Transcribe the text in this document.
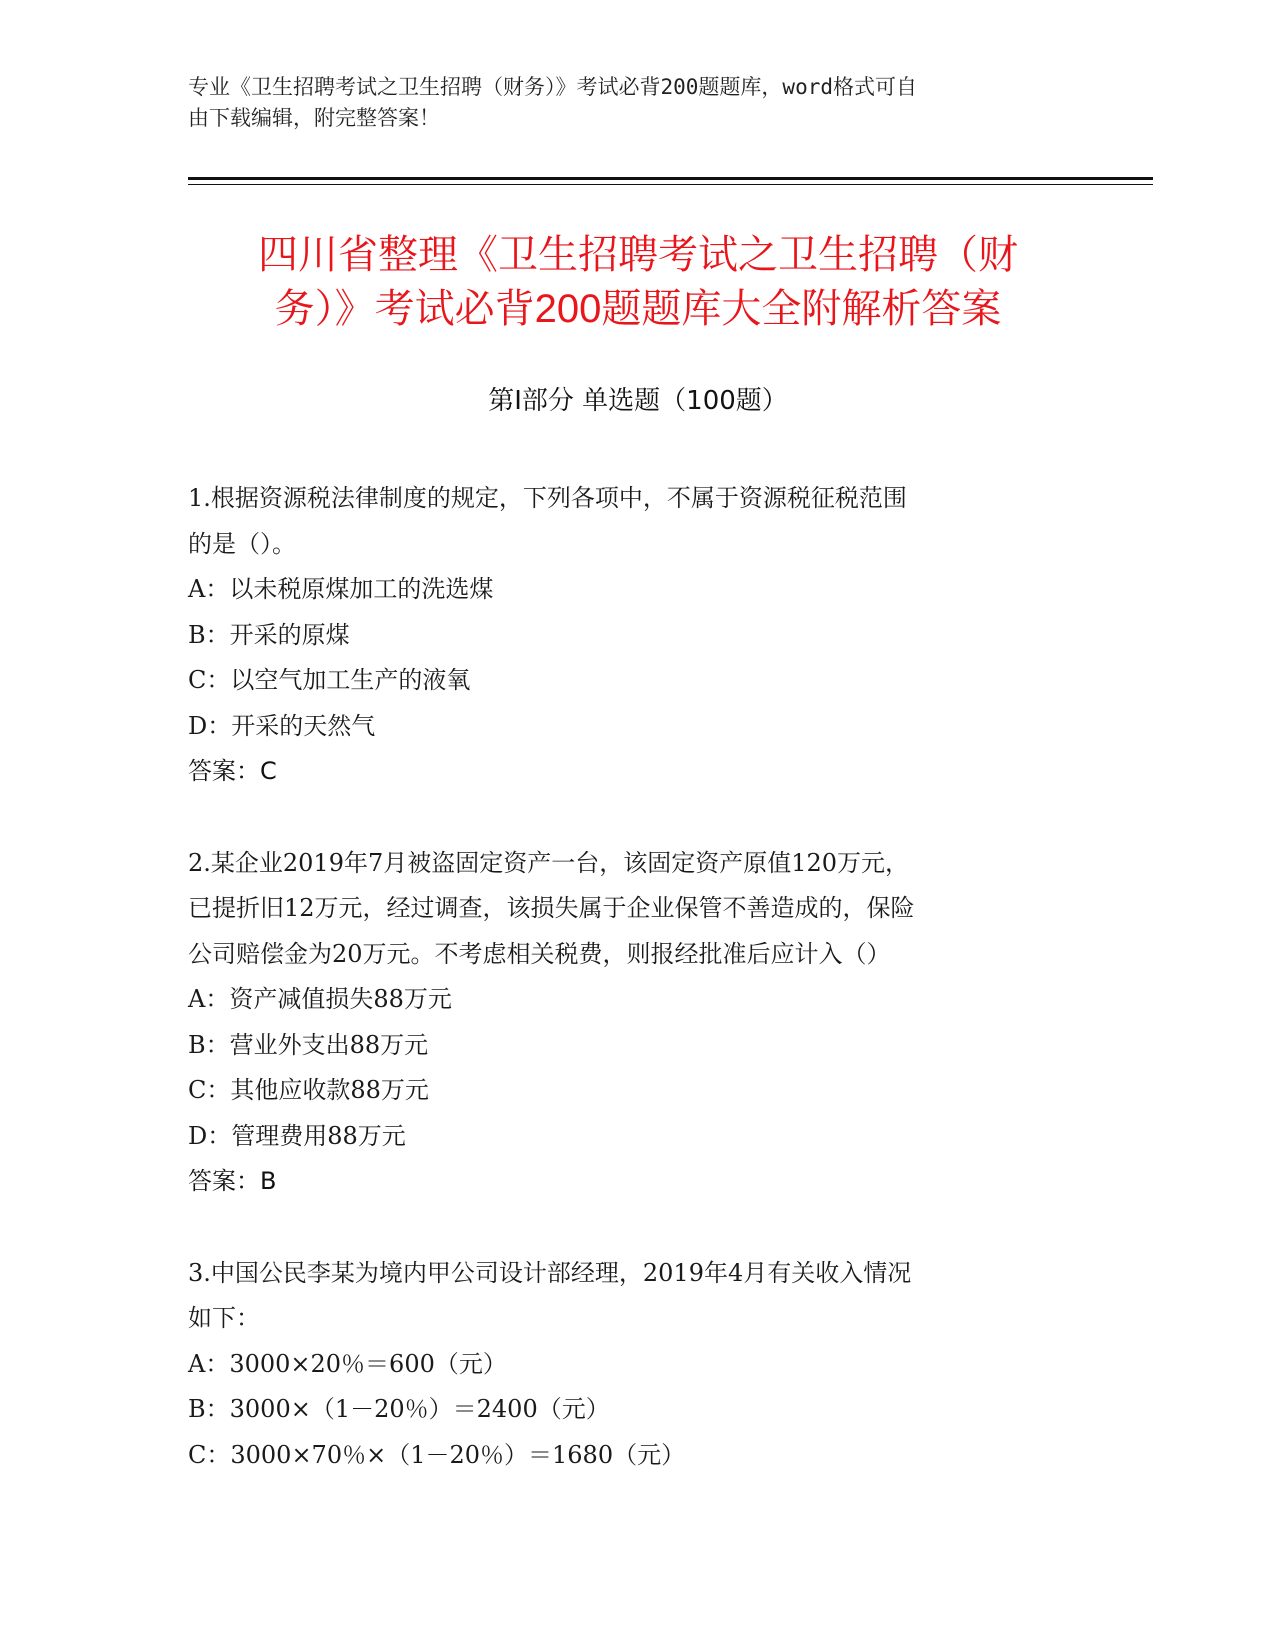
专业《卫生招聘考试之卫生招聘（财务）》考试必背200题题库，word格式可自
由下载编辑，附完整答案！
四川省整理《卫生招聘考试之卫生招聘（财
务）》考试必背200题题库大全附解析答案
第I部分 单选题（100题）
1.根据资源税法律制度的规定，下列各项中，不属于资源税征税范围
的是（）。
A：以未税原煤加工的洗选煤
B：开采的原煤
C：以空气加工生产的液氧
D：开采的天然气
答案：C
2.某企业2019年7月被盗固定资产一台，该固定资产原值120万元，
已提折旧12万元，经过调查，该损失属于企业保管不善造成的，保险
公司赔偿金为20万元。不考虑相关税费，则报经批准后应计入（）
A：资产减值损失88万元
B：营业外支出88万元
C：其他应收款88万元
D：管理费用88万元
答案：B
3.中国公民李某为境内甲公司设计部经理，2019年4月有关收入情况
如下：
A：3000×20％＝600（元）
B：3000×（1－20％）＝2400（元）
C：3000×70％×（1－20％）＝1680（元）
